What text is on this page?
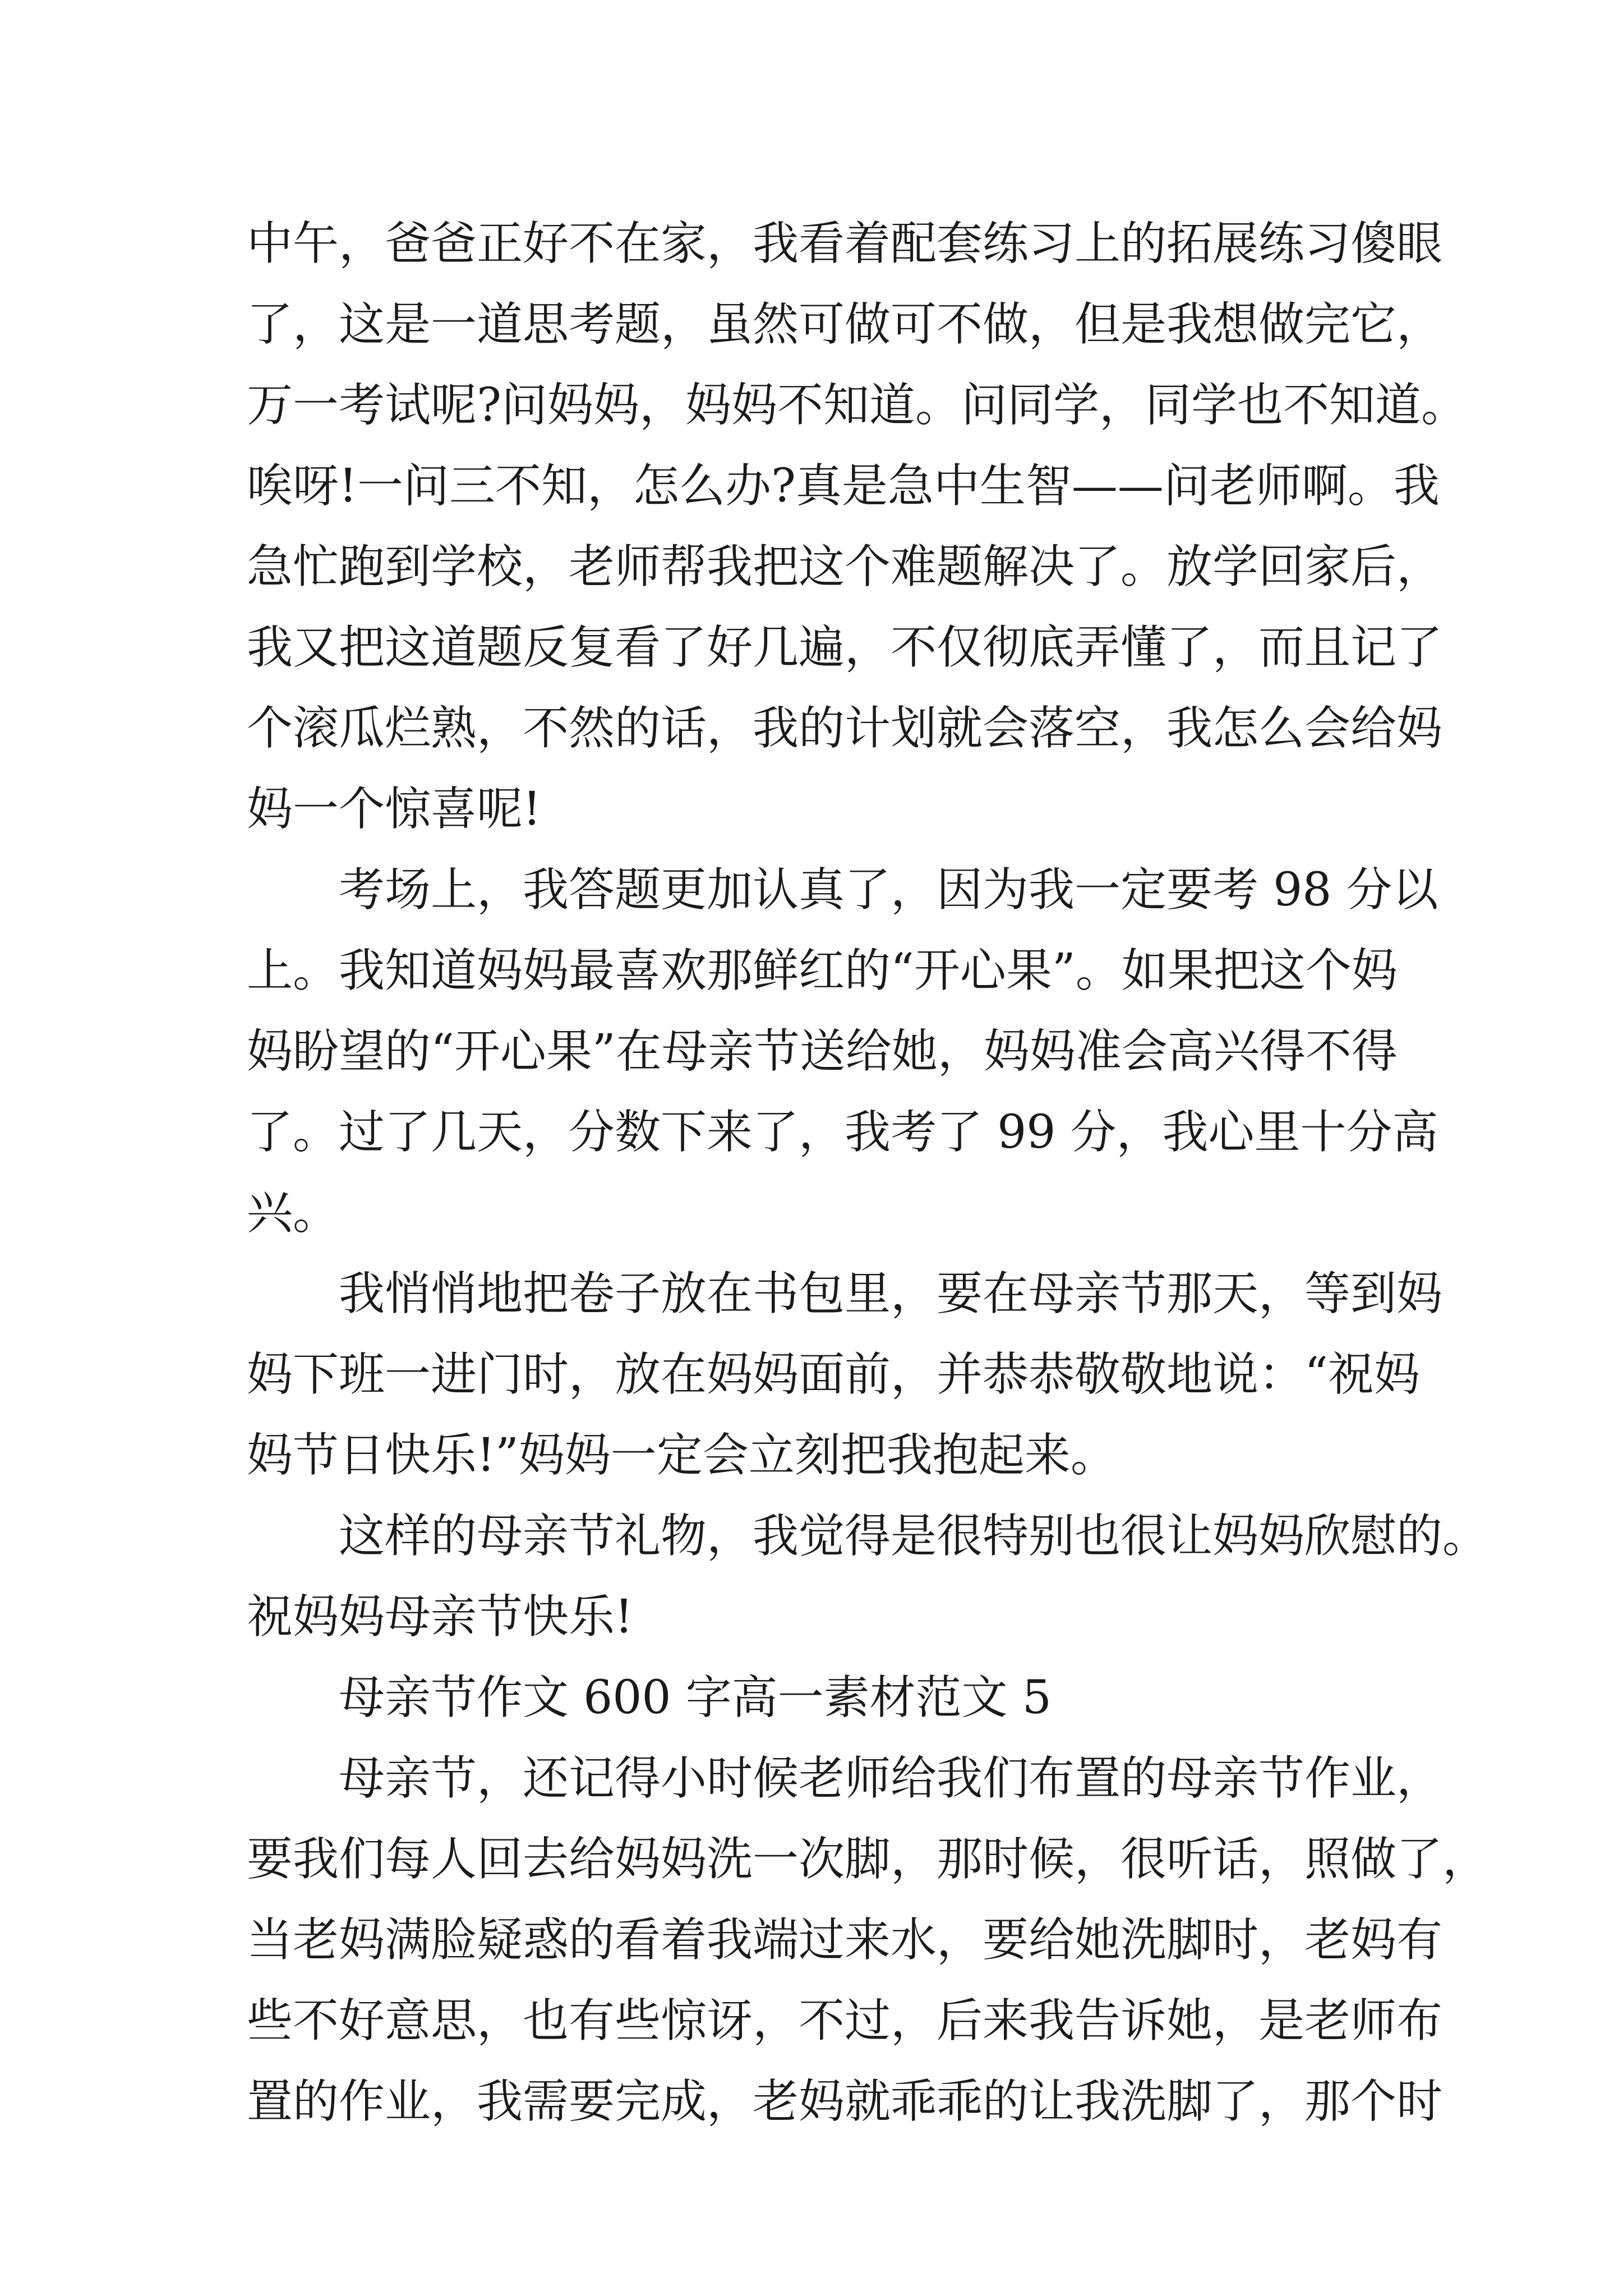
中午，爸爸正好不在家，我看着配套练习上的拓展练习傻眼
了，这是一道思考题，虽然可做可不做，但是我想做完它，
万一考试呢?问妈妈，妈妈不知道。问同学，同学也不知道。
唉呀!一问三不知，怎么办?真是急中生智——问老师啊。我
急忙跑到学校，老师帮我把这个难题解决了。放学回家后，
我又把这道题反复看了好几遍，不仅彻底弄懂了，而且记了
个滚瓜烂熟，不然的话，我的计划就会落空，我怎么会给妈
妈一个惊喜呢!
考场上，我答题更加认真了，因为我一定要考 98 分以
上。我知道妈妈最喜欢那鲜红的“开心果”。如果把这个妈
妈盼望的“开心果”在母亲节送给她，妈妈准会高兴得不得
了。过了几天，分数下来了，我考了 99 分，我心里十分高
兴。
我悄悄地把卷子放在书包里，要在母亲节那天，等到妈
妈下班一进门时，放在妈妈面前，并恭恭敬敬地说：“祝妈
妈节日快乐!”妈妈一定会立刻把我抱起来。
这样的母亲节礼物，我觉得是很特别也很让妈妈欣慰的。
祝妈妈母亲节快乐!
母亲节作文 600 字高一素材范文 5
母亲节，还记得小时候老师给我们布置的母亲节作业，
要我们每人回去给妈妈洗一次脚，那时候，很听话，照做了，
当老妈满脸疑惑的看着我端过来水，要给她洗脚时，老妈有
些不好意思，也有些惊讶，不过，后来我告诉她，是老师布
置的作业，我需要完成，老妈就乖乖的让我洗脚了，那个时
